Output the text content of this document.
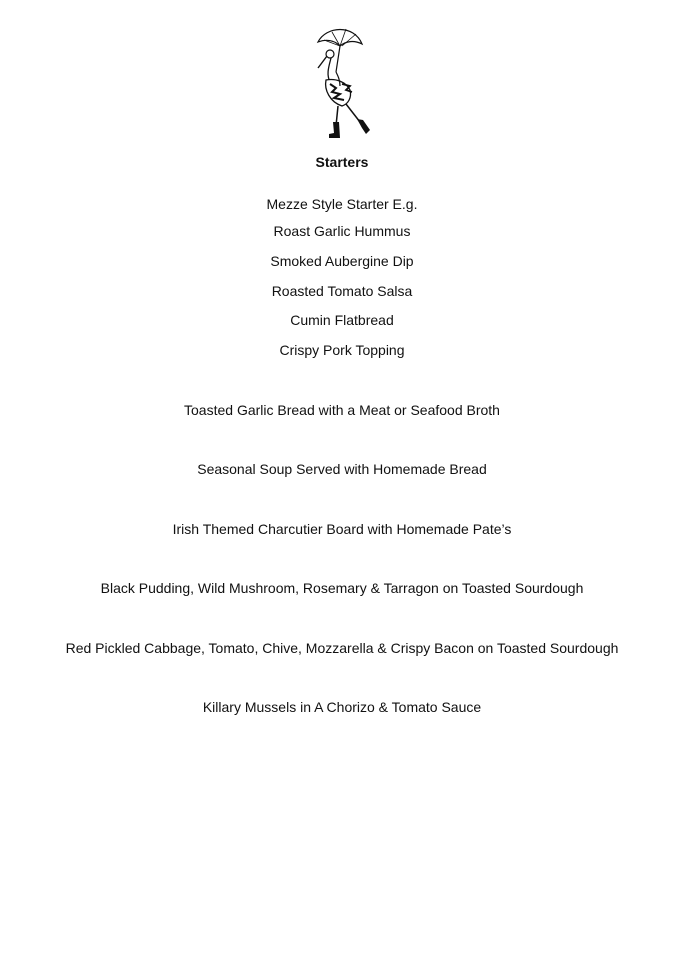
Starters
Mezze Style Starter E.g.
Roast Garlic Hummus
Smoked Aubergine Dip
Roasted Tomato Salsa
Cumin Flatbread
Crispy Pork Topping
Toasted Garlic Bread with a Meat or Seafood Broth
Seasonal Soup Served with Homemade Bread
Irish Themed Charcutier Board with Homemade Pate’s
Black Pudding, Wild Mushroom, Rosemary & Tarragon on Toasted Sourdough
Red Pickled Cabbage, Tomato, Chive, Mozzarella & Crispy Bacon on Toasted Sourdough
Killary Mussels in A Chorizo & Tomato Sauce
